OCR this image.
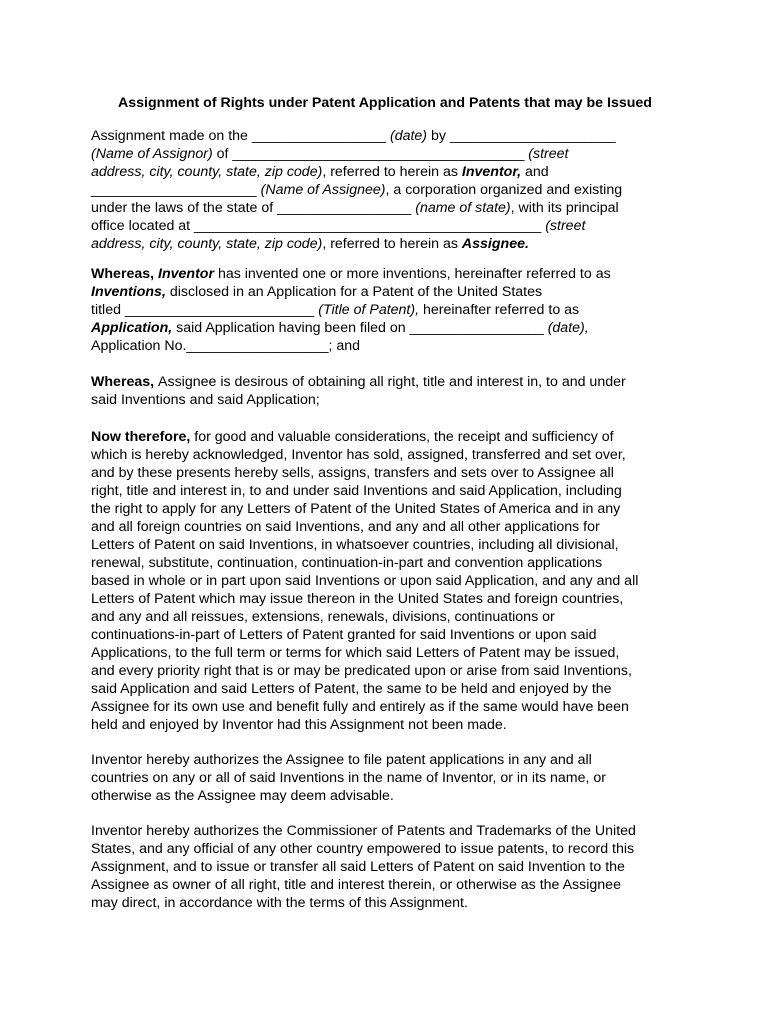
Assignment of Rights under Patent Application and Patents that may be Issued
Assignment made on the _________________ (date) by _____________________
(Name of Assignor) of _____________________________________ (street
address, city, county, state, zip code), referred to herein as Inventor, and
_____________________ (Name of Assignee), a corporation organized and existing
under the laws of the state of _________________ (name of state), with its principal
office located at ____________________________________________ (street
address, city, county, state, zip code), referred to herein as Assignee.
Whereas, Inventor has invented one or more inventions, hereinafter referred to as
Inventions, disclosed in an Application for a Patent of the United States
titled ________________________ (Title of Patent), hereinafter referred to as
Application, said Application having been filed on _________________ (date),
Application No.__________________; and
Whereas, Assignee is desirous of obtaining all right, title and interest in, to and under
said Inventions and said Application;
Now therefore, for good and valuable considerations, the receipt and sufficiency of
which is hereby acknowledged, Inventor has sold, assigned, transferred and set over,
and by these presents hereby sells, assigns, transfers and sets over to Assignee all
right, title and interest in, to and under said Inventions and said Application, including
the right to apply for any Letters of Patent of the United States of America and in any
and all foreign countries on said Inventions, and any and all other applications for
Letters of Patent on said Inventions, in whatsoever countries, including all divisional,
renewal, substitute, continuation, continuation-in-part and convention applications
based in whole or in part upon said Inventions or upon said Application, and any and all
Letters of Patent which may issue thereon in the United States and foreign countries,
and any and all reissues, extensions, renewals, divisions, continuations or
continuations-in-part of Letters of Patent granted for said Inventions or upon said
Applications, to the full term or terms for which said Letters of Patent may be issued,
and every priority right that is or may be predicated upon or arise from said Inventions,
said Application and said Letters of Patent, the same to be held and enjoyed by the
Assignee for its own use and benefit fully and entirely as if the same would have been
held and enjoyed by Inventor had this Assignment not been made.
Inventor hereby authorizes the Assignee to file patent applications in any and all
countries on any or all of said Inventions in the name of Inventor, or in its name, or
otherwise as the Assignee may deem advisable.
Inventor hereby authorizes the Commissioner of Patents and Trademarks of the United
States, and any official of any other country empowered to issue patents, to record this
Assignment, and to issue or transfer all said Letters of Patent on said Invention to the
Assignee as owner of all right, title and interest therein, or otherwise as the Assignee
may direct, in accordance with the terms of this Assignment.
